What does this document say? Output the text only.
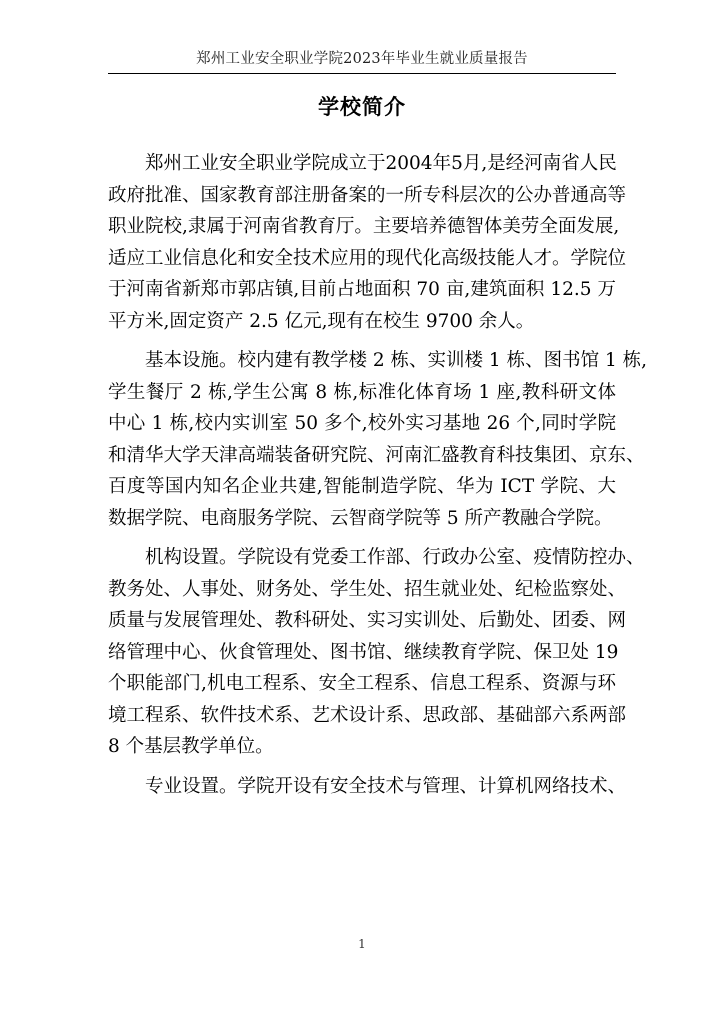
郑州工业安全职业学院2023年毕业生就业质量报告
学校简介
郑州工业安全职业学院成立于2004年5月,是经河南省人民
政府批准、国家教育部注册备案的一所专科层次的公办普通高等
职业院校,隶属于河南省教育厅。主要培养德智体美劳全面发展,
适应工业信息化和安全技术应用的现代化高级技能人才。学院位
于河南省新郑市郭店镇,目前占地面积 70 亩,建筑面积 12.5 万
平方米,固定资产 2.5 亿元,现有在校生 9700 余人。
基本设施。校内建有教学楼 2 栋、实训楼 1 栋、图书馆 1 栋,
学生餐厅 2 栋,学生公寓 8 栋,标准化体育场 1 座,教科研文体
中心 1 栋,校内实训室 50 多个,校外实习基地 26 个,同时学院
和清华大学天津高端装备研究院、河南汇盛教育科技集团、京东、
百度等国内知名企业共建,智能制造学院、华为 ICT 学院、大
数据学院、电商服务学院、云智商学院等 5 所产教融合学院。
机构设置。学院设有党委工作部、行政办公室、疫情防控办、
教务处、人事处、财务处、学生处、招生就业处、纪检监察处、
质量与发展管理处、教科研处、实习实训处、后勤处、团委、网
络管理中心、伙食管理处、图书馆、继续教育学院、保卫处 19
个职能部门,机电工程系、安全工程系、信息工程系、资源与环
境工程系、软件技术系、艺术设计系、思政部、基础部六系两部
8 个基层教学单位。
专业设置。学院开设有安全技术与管理、计算机网络技术、
1
